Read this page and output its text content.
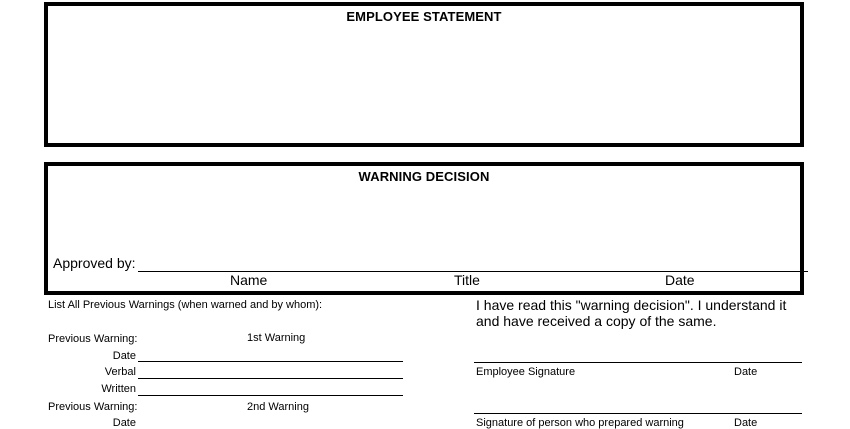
EMPLOYEE STATEMENT
WARNING DECISION
Approved by:
Name	Title	Date
List All Previous Warnings (when warned and by whom):
Previous Warning:	1st Warning
Date
Verbal
Written
Previous Warning:	2nd Warning
Date
I have read this "warning decision". I understand it and have received a copy of the same.
Employee Signature	Date
Signature of person who prepared warning	Date
